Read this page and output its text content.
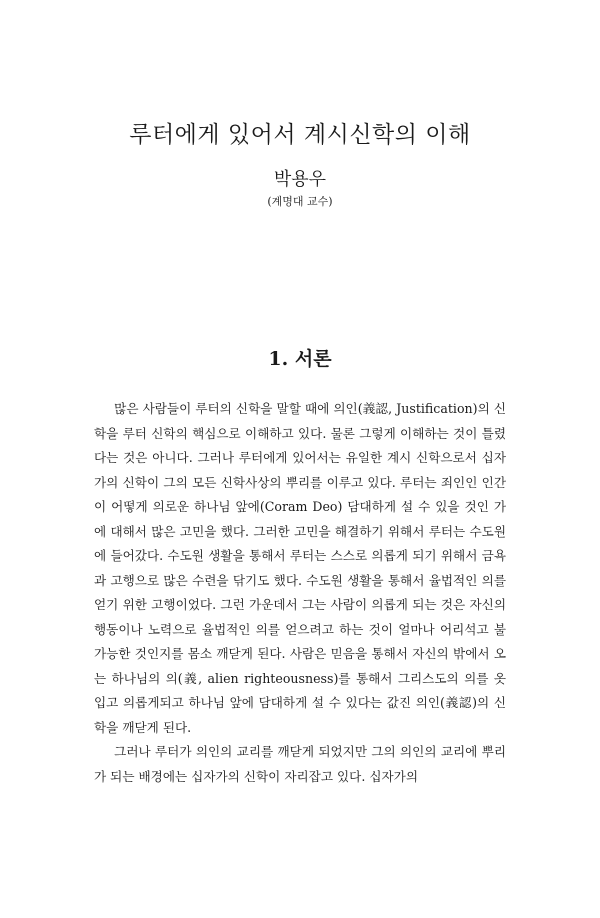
루터에게 있어서 계시신학의 이해
박용우
(계명대 교수)
1. 서론

많은 사람들이 루터의 신학을 말할 때에 의인(義認, Justification)의 신학을 루터 신학의 핵심으로 이해하고 있다. 물론 그렇게 이해하는 것이 틀렸다는 것은 아니다. 그러나 루터에게 있어서는 유일한 계시 신학으로서 십자가의 신학이 그의 모든 신학사상의 뿌리를 이루고 있다. 루터는 죄인인 인간이 어떻게 의로운 하나님 앞에(Coram Deo) 담대하게 설 수 있을 것인 가에 대해서 많은 고민을 했다. 그러한 고민을 해결하기 위해서 루터는 수도원에 들어갔다. 수도원 생활을 통해서 루터는 스스로 의롭게 되기 위해서 금욕과 고행으로 많은 수련을 닦기도 했다. 수도원 생활을 통해서 율법적인 의를 얻기 위한 고행이었다. 그런 가운데서 그는 사람이 의롭게 되는 것은 자신의 행동이나 노력으로 율법적인 의를 얻으려고 하는 것이 얼마나 어리석고 불가능한 것인지를 몸소 깨닫게 된다. 사람은 믿음을 통해서 자신의 밖에서 오는 하나님의 의(義, alien righteousness)를 통해서 그리스도의 의를 옷 입고 의롭게되고 하나님 앞에 담대하게 설 수 있다는 값진 의인(義認)의 신학을 깨닫게 된다.

그러나 루터가 의인의 교리를 깨닫게 되었지만 그의 의인의 교리에 뿌리가 되는 배경에는 십자가의 신학이 자리잡고 있다. 십자가의
